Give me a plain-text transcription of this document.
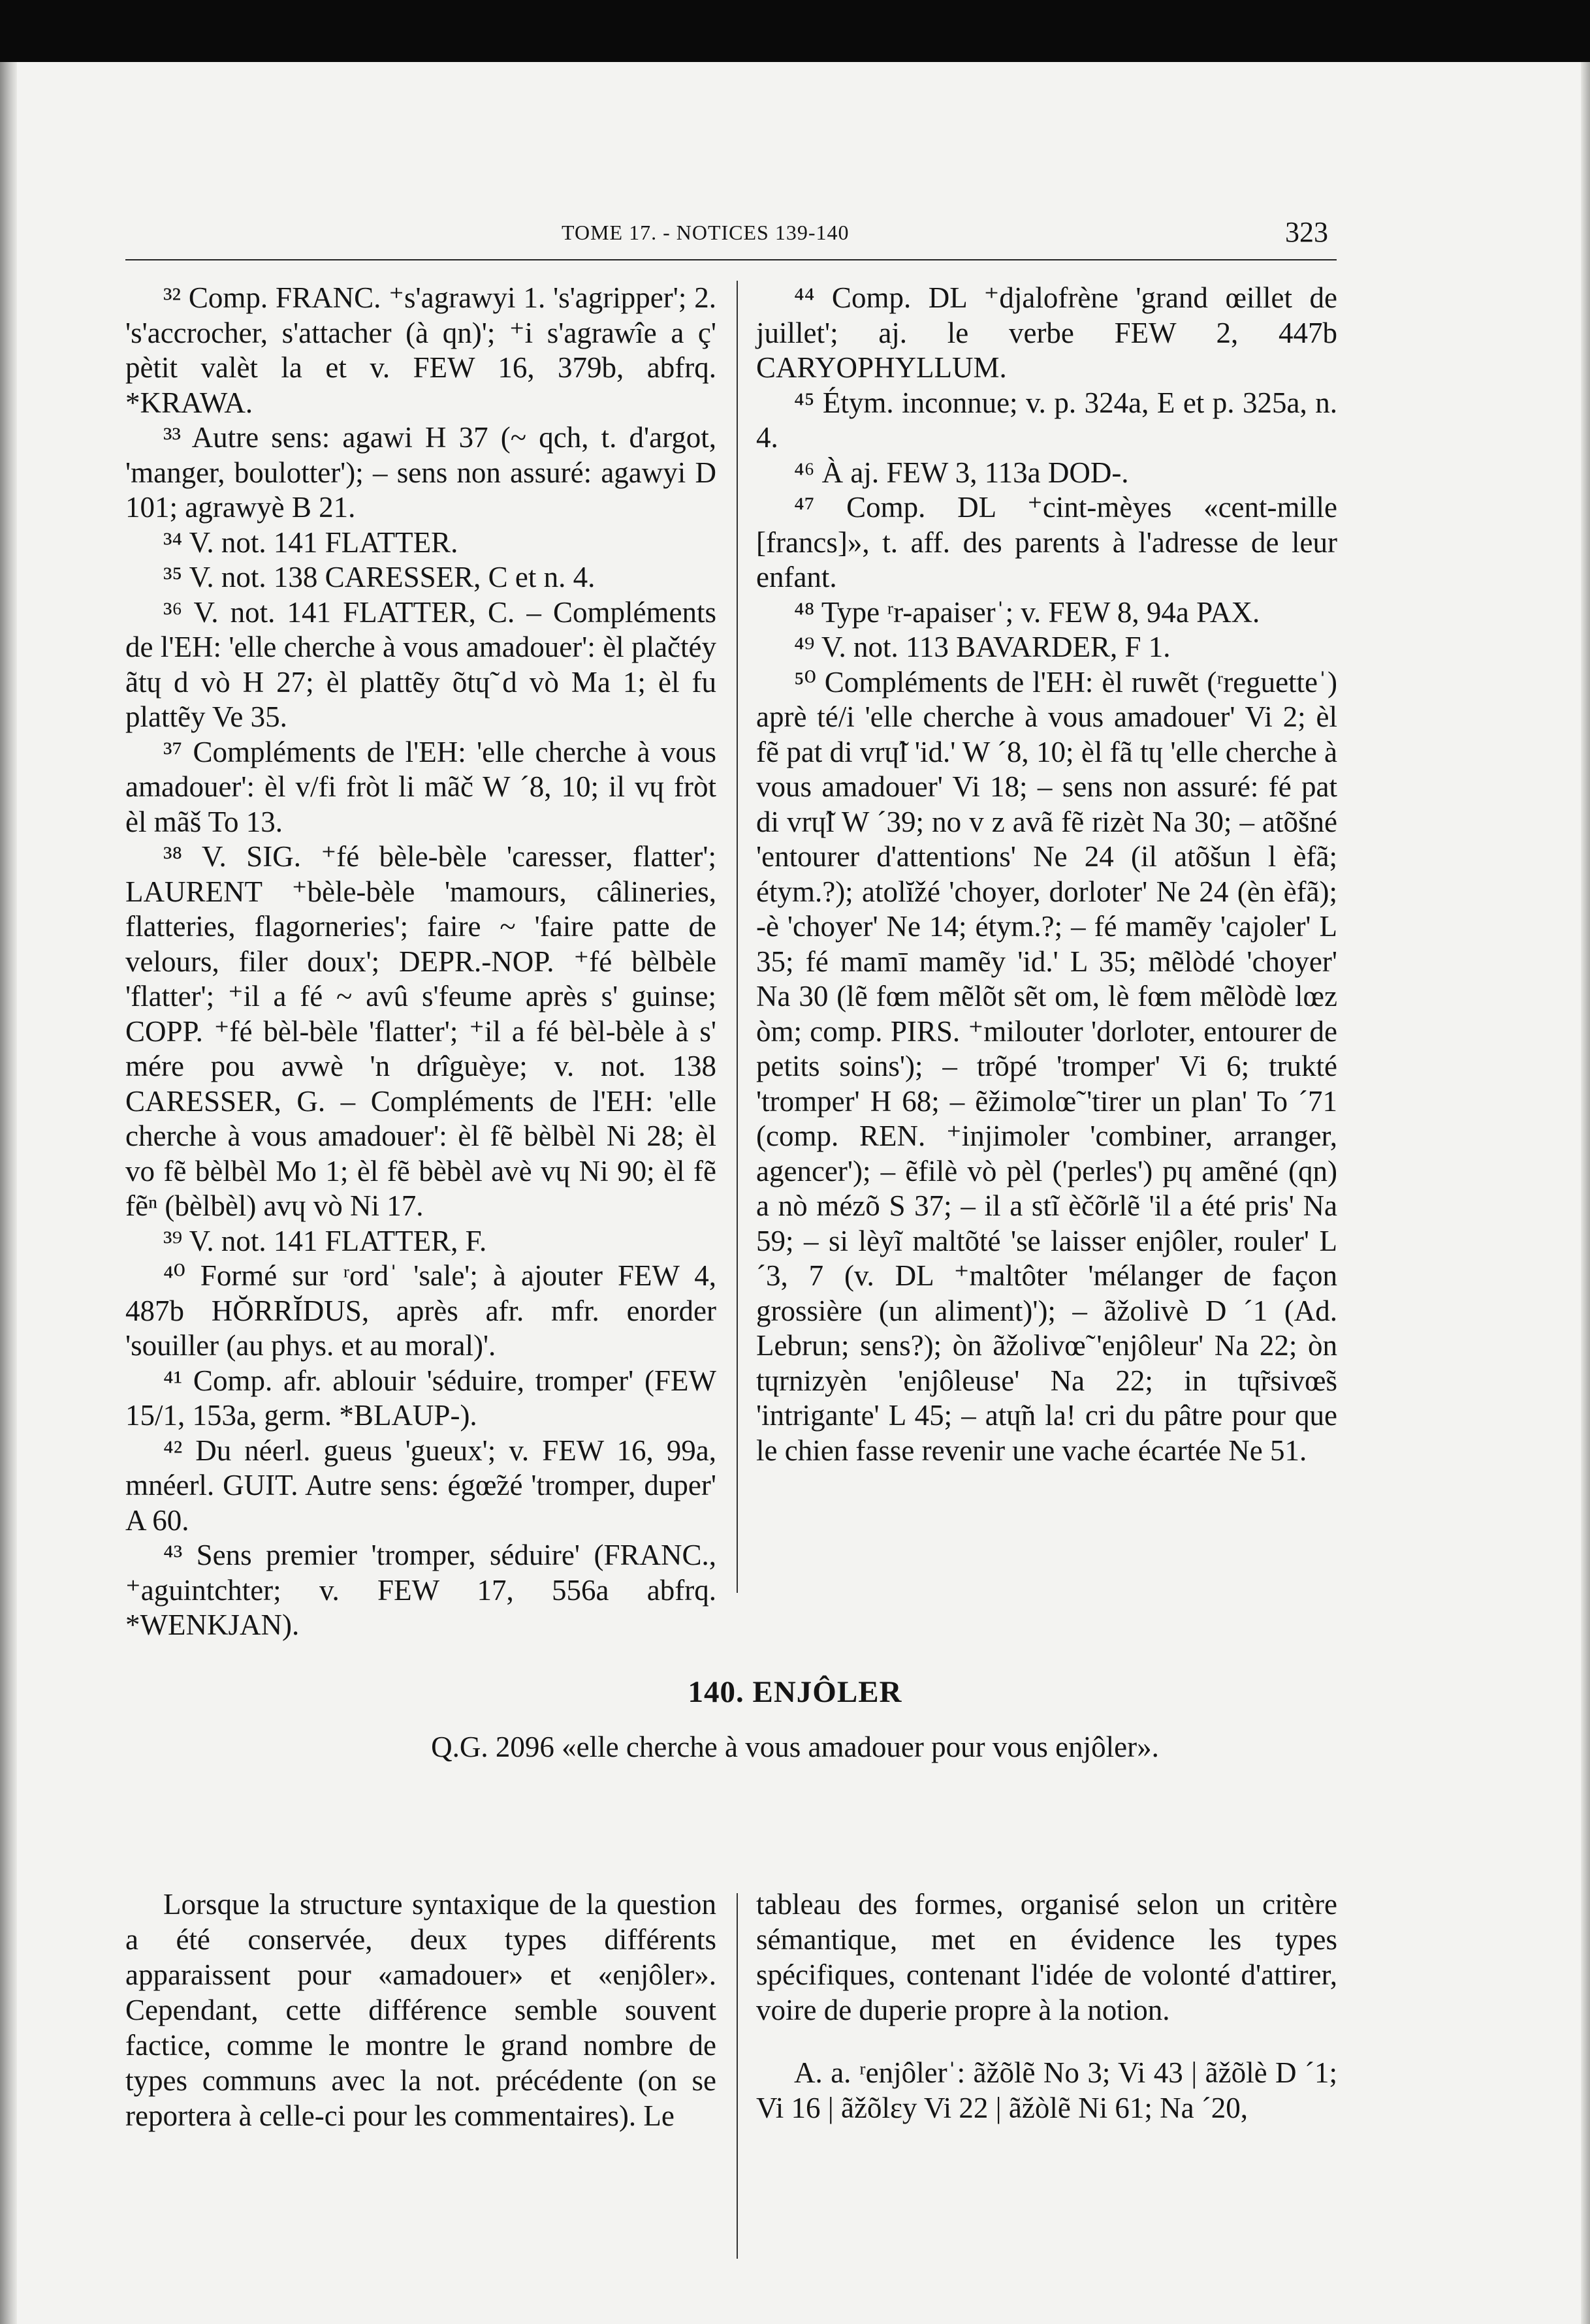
TOME 17. - NOTICES 139-140	323

³² Comp. FRANC. ⁺s'agrawyi 1. 's'agripper'; 2. 's'accrocher, s'attacher (à qn)'; ⁺i s'agrawîe a ç' pètit valèt la et v. FEW 16, 379b, abfrq. *KRAWA.

³³ Autre sens: agawi H 37 (~ qch, t. d'argot, 'manger, boulotter'); – sens non assuré: agawyi D 101; agrawyè B 21.

³⁴ V. not. 141 FLATTER.

³⁵ V. not. 138 CARESSER, C et n. 4.

³⁶ V. not. 141 FLATTER, C. – Compléments de l'EH: 'elle cherche à vous amadouer': èl plačtéy ãtɥ d vò H 27; èl plattẽy õtɥ̃ d vò Ma 1; èl fu plattẽy Ve 35.

³⁷ Compléments de l'EH: 'elle cherche à vous amadouer': èl v/fi fròt li mãč W ´8, 10; il vɥ fròt èl mãš To 13.

³⁸ V. SIG. ⁺fé bèle-bèle 'caresser, flatter'; LAURENT ⁺bèle-bèle 'mamours, câlineries, flatteries, flagorneries'; faire ~ 'faire patte de velours, filer doux'; DEPR.-NOP. ⁺fé bèlbèle 'flatter'; ⁺il a fé ~ avû s'feume après s' guinse; COPP. ⁺fé bèl-bèle 'flatter'; ⁺il a fé bèl-bèle à s' mére pou avwè 'n drîguèye; v. not. 138 CARESSER, G. – Compléments de l'EH: 'elle cherche à vous amadouer': èl fẽ bèlbèl Ni 28; èl vo fẽ bèlbèl Mo 1; èl fẽ bèbèl avè vɥ Ni 90; èl fẽ fẽⁿ (bèlbèl) avɥ vò Ni 17.

³⁹ V. not. 141 FLATTER, F.

⁴⁰ Formé sur ʳordˈ 'sale'; à ajouter FEW 4, 487b HŎRRĬDUS, après afr. mfr. enorder 'souiller (au phys. et au moral)'.

⁴¹ Comp. afr. ablouir 'séduire, tromper' (FEW 15/1, 153a, germ. *BLAUP-).

⁴² Du néerl. gueus 'gueux'; v. FEW 16, 99a, mnéerl. GUIT. Autre sens: égœ̃zé 'tromper, duper' A 60.

⁴³ Sens premier 'tromper, séduire' (FRANC., ⁺aguintchter; v. FEW 17, 556a abfrq. *WENKJAN).

⁴⁴ Comp. DL ⁺djalofrène 'grand œillet de juillet'; aj. le verbe FEW 2, 447b CARYOPHYLLUM.

⁴⁵ Étym. inconnue; v. p. 324a, E et p. 325a, n. 4.

⁴⁶ À aj. FEW 3, 113a DOD-.

⁴⁷ Comp. DL ⁺cint-mèyes «cent-mille [francs]», t. aff. des parents à l'adresse de leur enfant.

⁴⁸ Type ʳr-apaiserˈ; v. FEW 8, 94a PAX.

⁴⁹ V. not. 113 BAVARDER, F 1.

⁵⁰ Compléments de l'EH: èl ruwẽt (ʳreguetteˈ) aprè té/i 'elle cherche à vous amadouer' Vi 2; èl fẽ pat di vrɥ̃l 'id.' W ´8, 10; èl fã tɥ 'elle cherche à vous amadouer' Vi 18; – sens non assuré: fé pat di vrɥ̃l W ´39; no v z avã fẽ rizèt Na 30; – atõšné 'entourer d'attentions' Ne 24 (il atõšun l èfã; étym.?); atolĭžé 'choyer, dorloter' Ne 24 (èn èfã); -è 'choyer' Ne 14; étym.?; – fé mamẽy 'cajoler' L 35; fé mamī mamẽy 'id.' L 35; mẽlòdé 'choyer' Na 30 (lẽ fœm mẽlõt sẽt om, lè fœm mẽlòdè lœz òm; comp. PIRS. ⁺milouter 'dorloter, entourer de petits soins'); – trõpé 'tromper' Vi 6; trukté 'tromper' H 68; – ẽžimolœ̃ 'tirer un plan' To ´71 (comp. REN. ⁺injimoler 'combiner, arranger, agencer'); – ẽfilè vò pèl ('perles') pɥ amẽné (qn) a nò mézõ S 37; – il a stĩ èčõrlẽ 'il a été pris' Na 59; – si lèyĩ maltõté 'se laisser enjôler, rouler' L ´3, 7 (v. DL ⁺maltôter 'mélanger de façon grossière (un aliment)'); – ãžolivè D ´1 (Ad. Lebrun; sens?); òn ãžolivœ̃ 'enjôleur' Na 22; òn tɥrnizyèn 'enjôleuse' Na 22; in tɥ̃rsivœ̃s 'intrigante' L 45; – atɥ̃n la! cri du pâtre pour que le chien fasse revenir une vache écartée Ne 51.

140. ENJÔLER
Q.G. 2096 «elle cherche à vous amadouer pour vous enjôler».

Lorsque la structure syntaxique de la question a été conservée, deux types différents apparaissent pour «amadouer» et «enjôler». Cependant, cette différence semble souvent factice, comme le montre le grand nombre de types communs avec la not. précédente (on se reportera à celle-ci pour les commentaires). Le

tableau des formes, organisé selon un critère sémantique, met en évidence les types spécifiques, contenant l'idée de volonté d'attirer, voire de duperie propre à la notion.

A. a. ʳenjôlerˈ: ãžõlẽ No 3; Vi 43 | ãžõlè D ´1; Vi 16 | ãžõlεy Vi 22 | ãžòlẽ Ni 61; Na ´20,
